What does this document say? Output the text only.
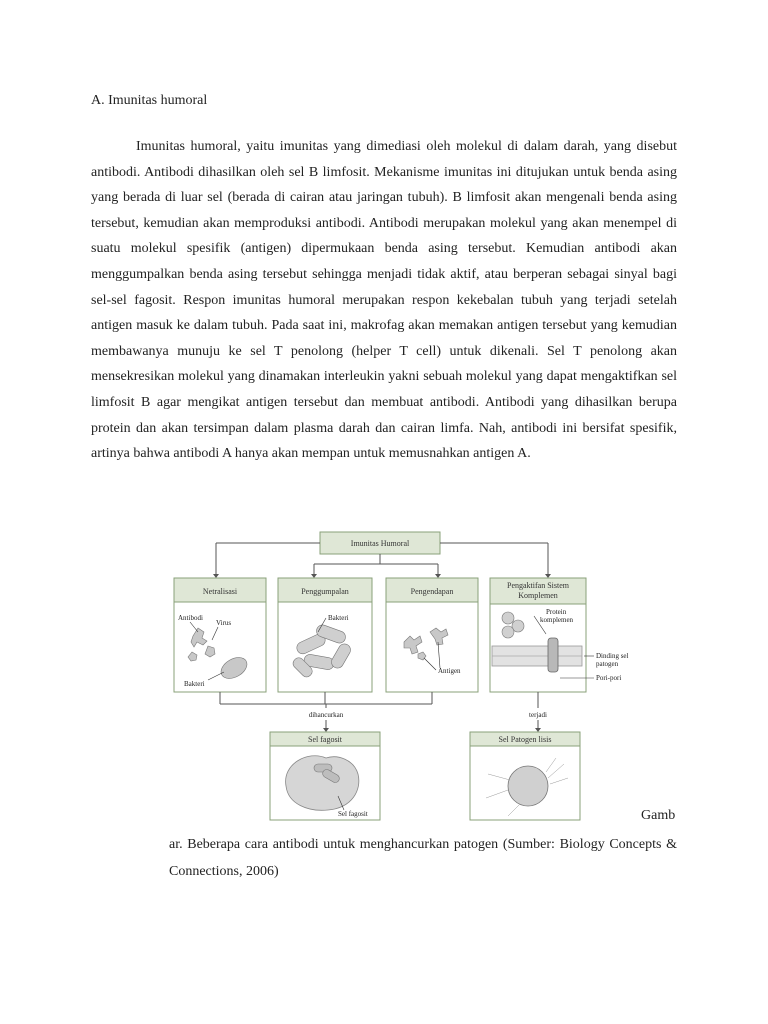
A. Imunitas humoral

Imunitas humoral, yaitu imunitas yang dimediasi oleh molekul di dalam darah, yang disebut antibodi. Antibodi dihasilkan oleh sel B limfosit. Mekanisme imunitas ini ditujukan untuk benda asing yang berada di luar sel (berada di cairan atau jaringan tubuh). B limfosit akan mengenali benda asing tersebut, kemudian akan memproduksi antibodi. Antibodi merupakan molekul yang akan menempel di suatu molekul spesifik (antigen) dipermukaan benda asing tersebut. Kemudian antibodi akan menggumpalkan benda asing tersebut sehingga menjadi tidak aktif, atau berperan sebagai sinyal bagi sel-sel fagosit. Respon imunitas humoral merupakan respon kekebalan tubuh yang terjadi setelah antigen masuk ke dalam tubuh. Pada saat ini, makrofag akan memakan antigen tersebut yang kemudian membawanya munuju ke sel T penolong (helper T cell) untuk dikenali. Sel T penolong akan mensekresikan molekul yang dinamakan interleukin yakni sebuah molekul yang dapat mengaktifkan sel limfosit B agar mengikat antigen tersebut dan membuat antibodi. Antibodi yang dihasilkan berupa protein dan akan tersimpan dalam plasma darah dan cairan limfa. Nah, antibodi ini bersifat spesifik, artinya bahwa antibodi A hanya akan mempan untuk memusnahkan antigen A.

Imunitas Humoral
Netralisasi
Antibodi
Virus
Bakteri
Penggumpalan
Bakteri
Pengendapan
Antigen
Pengaktifan Sistem
Komplemen
Protein
komplemen
Dinding sel
patogen
Pori-pori
dihancurkan	terjadi
Sel fagosit
Sel fagosit
Sel Patogen lisis
Gamb

ar. Beberapa cara antibodi untuk menghancurkan patogen (Sumber: Biology Concepts & Connections, 2006)
